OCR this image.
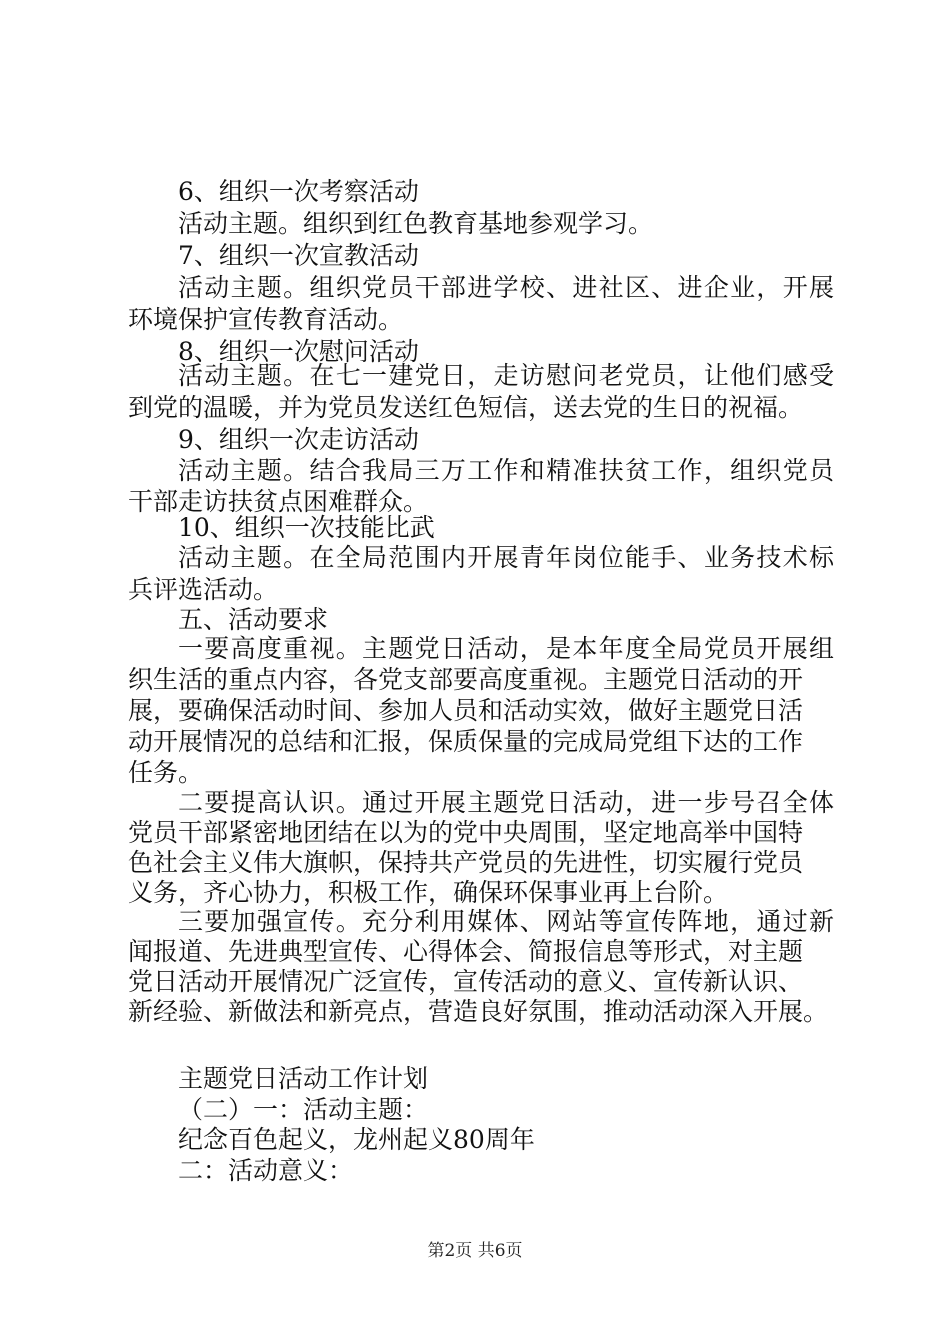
6、组织一次考察活动
活动主题。组织到红色教育基地参观学习。
7、组织一次宣教活动
活动主题。组织党员干部进学校、进社区、进企业，开展
环境保护宣传教育活动。
8、组织一次慰问活动
活动主题。在七一建党日，走访慰问老党员，让他们感受
到党的温暖，并为党员发送红色短信，送去党的生日的祝福。
9、组织一次走访活动
活动主题。结合我局三万工作和精准扶贫工作，组织党员
干部走访扶贫点困难群众。
10、组织一次技能比武
活动主题。在全局范围内开展青年岗位能手、业务技术标
兵评选活动。
五、活动要求
一要高度重视。主题党日活动，是本年度全局党员开展组
织生活的重点内容，各党支部要高度重视。主题党日活动的开
展，要确保活动时间、参加人员和活动实效，做好主题党日活
动开展情况的总结和汇报，保质保量的完成局党组下达的工作
任务。
二要提高认识。通过开展主题党日活动，进一步号召全体
党员干部紧密地团结在以为的党中央周围，坚定地高举中国特
色社会主义伟大旗帜，保持共产党员的先进性，切实履行党员
义务，齐心协力，积极工作，确保环保事业再上台阶。
三要加强宣传。充分利用媒体、网站等宣传阵地，通过新
闻报道、先进典型宣传、心得体会、简报信息等形式，对主题
党日活动开展情况广泛宣传，宣传活动的意义、宣传新认识、
新经验、新做法和新亮点，营造良好氛围，推动活动深入开展。
主题党日活动工作计划
（二）一：活动主题：
纪念百色起义，龙州起义80周年
二：活动意义：
第2页 共6页
